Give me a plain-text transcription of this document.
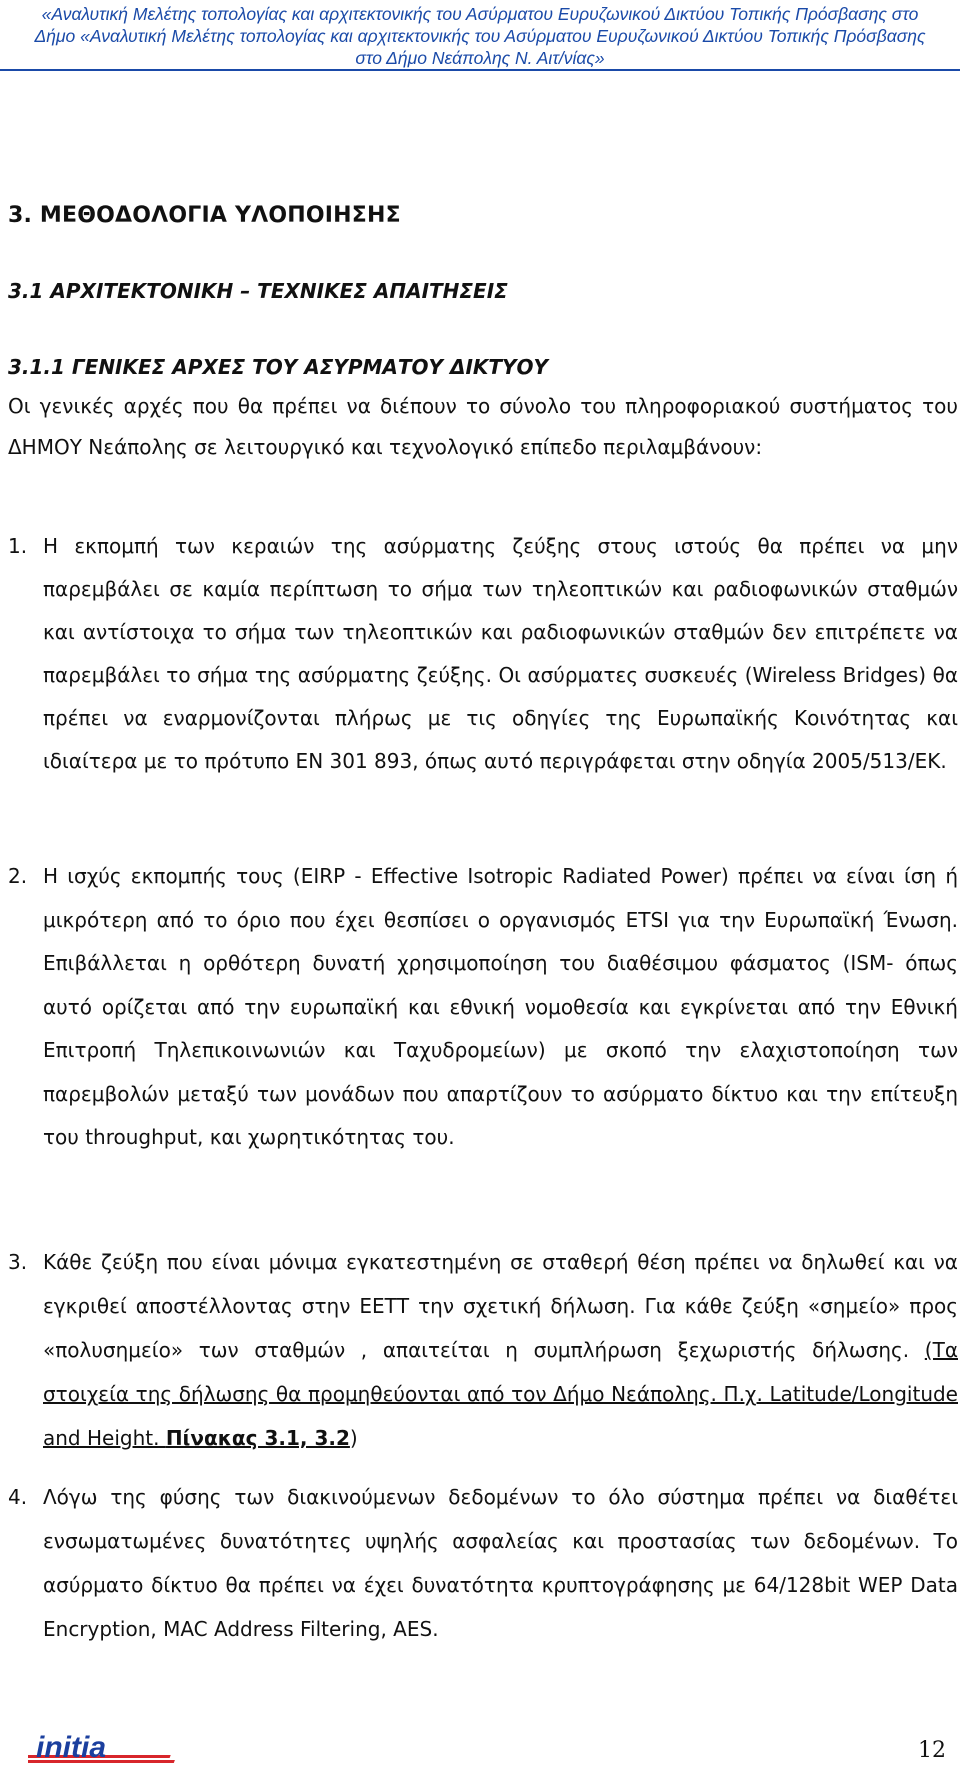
«Αναλυτική Μελέτης τοπολογίας και αρχιτεκτονικής του Ασύρματου Ευρυζωνικού Δικτύου Τοπικής Πρόσβασης στο
Δήμο «Αναλυτική Μελέτης τοπολογίας και αρχιτεκτονικής του Ασύρματου Ευρυζωνικού Δικτύου Τοπικής Πρόσβασης
στο Δήμο Νεάπολης Ν. Αιτ/νίας»
3. ΜΕΘΟΔΟΛΟΓΙΑ ΥΛΟΠΟΙΗΣΗΣ
3.1 ΑΡΧΙΤΕΚΤΟΝΙΚΗ – ΤΕΧΝΙΚΕΣ ΑΠΑΙΤΗΣΕΙΣ
3.1.1 ΓΕΝΙΚΕΣ ΑΡΧΕΣ ΤΟΥ ΑΣΥΡΜΑΤΟΥ ΔΙΚΤΥΟΥ

Οι γενικές αρχές που θα πρέπει να διέπουν το σύνολο του πληροφοριακού συστήματος του ΔΗΜΟΥ Νεάπολης σε λειτουργικό και τεχνολογικό επίπεδο περιλαμβάνουν:

1. Η εκπομπή των κεραιών της ασύρματης ζεύξης στους ιστούς θα πρέπει να μην παρεμβάλει σε καμία περίπτωση το σήμα των τηλεοπτικών και ραδιοφωνικών σταθμών και αντίστοιχα το σήμα των τηλεοπτικών και ραδιοφωνικών σταθμών δεν επιτρέπετε να παρεμβάλει το σήμα της ασύρματης ζεύξης. Οι ασύρματες συσκευές (Wireless Bridges) θα πρέπει να εναρμονίζονται πλήρως με τις οδηγίες της Ευρωπαϊκής Κοινότητας και ιδιαίτερα με το πρότυπο EN 301 893, όπως αυτό περιγράφεται στην οδηγία 2005/513/ΕΚ.
2. Η ισχύς εκπομπής τους (EIRP - Effective Isotropic Radiated Power) πρέπει να είναι ίση ή μικρότερη από το όριο που έχει θεσπίσει ο οργανισμός ETSI για την Ευρωπαϊκή Ένωση. Επιβάλλεται η ορθότερη δυνατή χρησιμοποίηση του διαθέσιμου φάσματος (ISM- όπως αυτό ορίζεται από την ευρωπαϊκή και εθνική νομοθεσία και εγκρίνεται από την Εθνική Επιτροπή Τηλεπικοινωνιών και Ταχυδρομείων) με σκοπό την ελαχιστοποίηση των παρεμβολών μεταξύ των μονάδων που απαρτίζουν το ασύρματο δίκτυο και την επίτευξη του throughput, και χωρητικότητας του.
3. Κάθε ζεύξη που είναι μόνιμα εγκατεστημένη σε σταθερή θέση πρέπει να δηλωθεί και να εγκριθεί αποστέλλοντας στην ΕΕΤΤ την σχετική δήλωση. Για κάθε ζεύξη «σημείο» προς «πολυσημείο» των σταθμών , απαιτείται η συμπλήρωση ξεχωριστής δήλωσης. (Τα στοιχεία της δήλωσης θα προμηθεύονται από τον Δήμο Νεάπολης. Π.χ. Latitude/Longitude and Height. Πίνακας 3.1, 3.2)
4. Λόγω της φύσης των διακινούμενων δεδομένων το όλο σύστημα πρέπει να διαθέτει ενσωματωμένες δυνατότητες υψηλής ασφαλείας και προστασίας των δεδομένων. Το ασύρματο δίκτυο θα πρέπει να έχει δυνατότητα κρυπτογράφησης με 64/128bit WEP Data Encryption, MAC Address Filtering, AES.
initia	12
